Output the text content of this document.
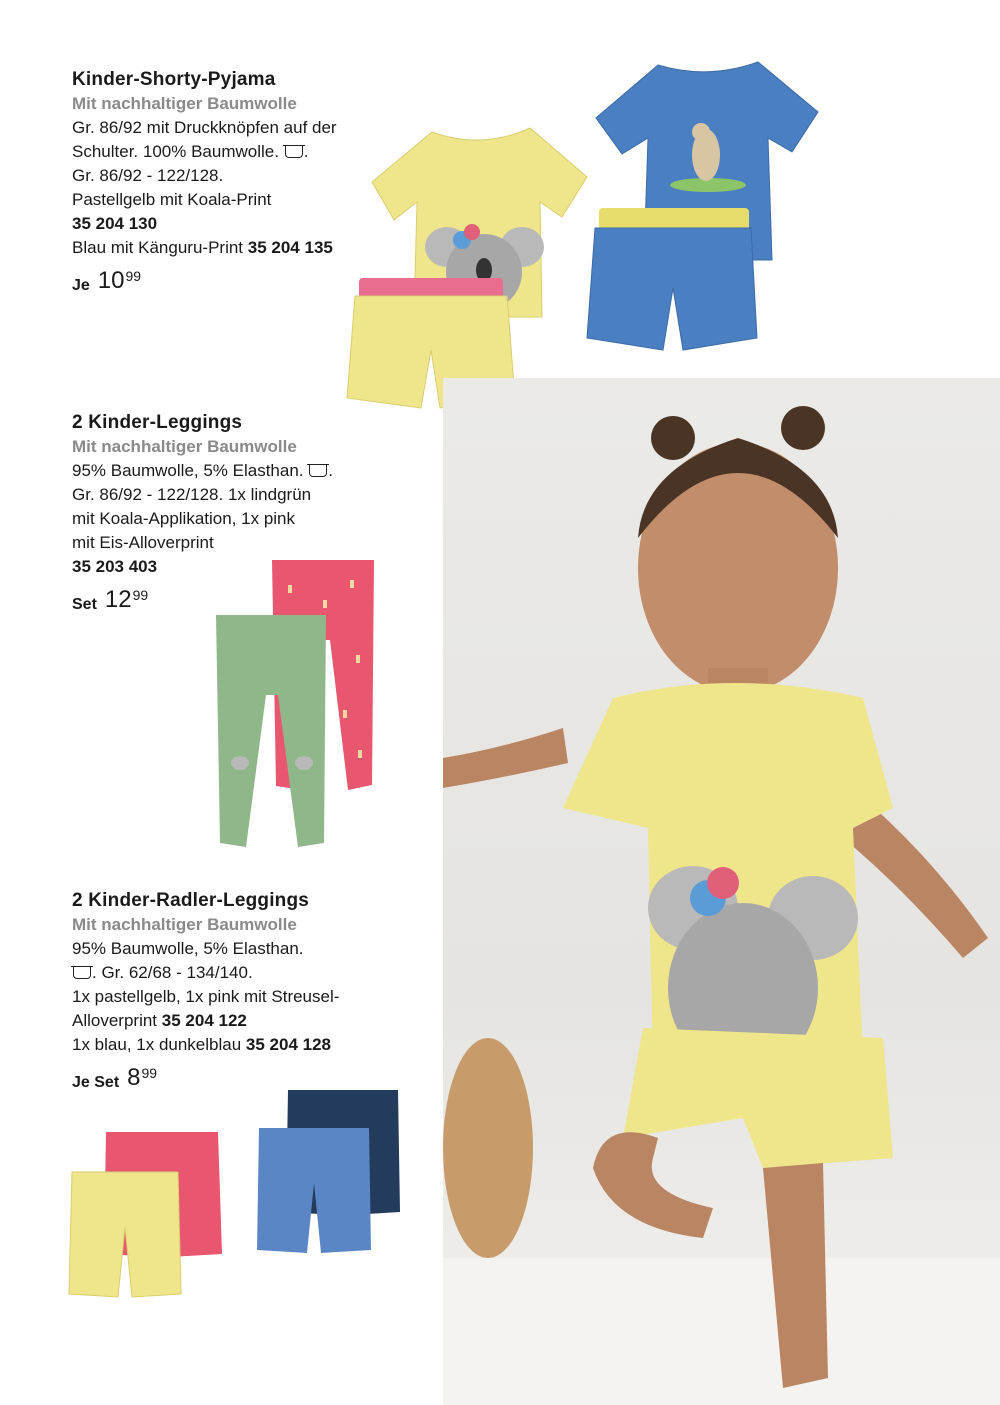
Kinder-Shorty-Pyjama
Mit nachhaltiger Baumwolle
Gr. 86/92 mit Druckknöpfen auf der
Schulter. 100% Baumwolle. .
Gr. 86/92 - 122/128.
Pastellgelb mit Koala-Print
35 204 130
Blau mit Känguru-Print 35 204 135
Je 10 99
2 Kinder-Leggings
Mit nachhaltiger Baumwolle
95% Baumwolle, 5% Elasthan. .
Gr. 86/92 - 122/128. 1x lindgrün
mit Koala-Applikation, 1x pink
mit Eis-Alloverprint
35 203 403
Set 12 99
2 Kinder-Radler-Leggings
Mit nachhaltiger Baumwolle
95% Baumwolle, 5% Elasthan.
. Gr. 62/68 - 134/140.
1x pastellgelb, 1x pink mit Streusel-
Alloverprint 35 204 122
1x blau, 1x dunkelblau 35 204 128
Je Set 8 99
